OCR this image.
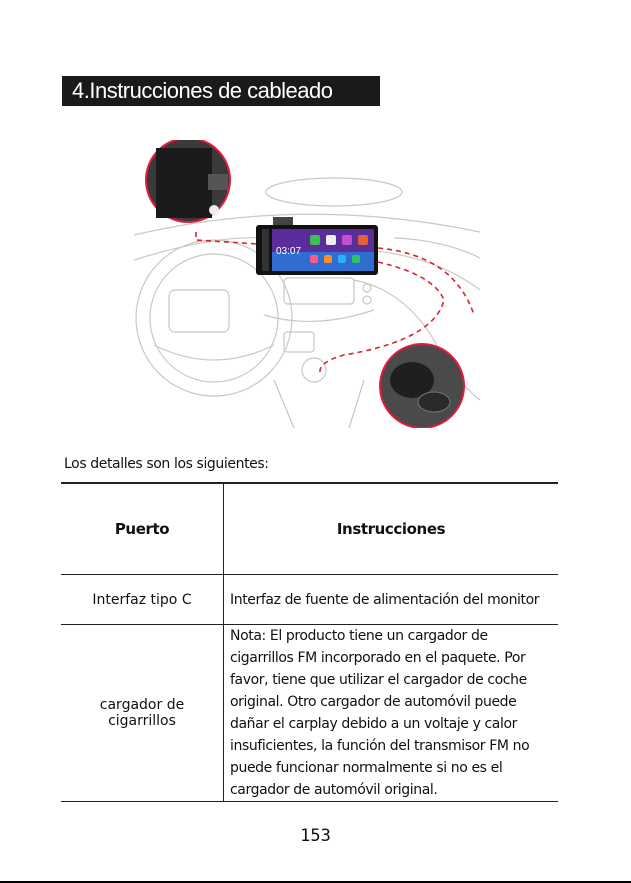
4.Instrucciones de cableado
03:07
Los detalles son los siguientes:
Puerto	Instrucciones
Interfaz tipo C	Interfaz de fuente de alimentación del monitor
cargador de cigarrillos	Nota: El producto tiene un cargador de cigarrillos FM incorporado en el paquete. Por favor, tiene que utilizar el cargador de coche original. Otro cargador de automóvil puede dañar el carplay debido a un voltaje y calor insuficientes, la función del transmisor FM no puede funcionar normalmente si no es el cargador de automóvil original.
153
